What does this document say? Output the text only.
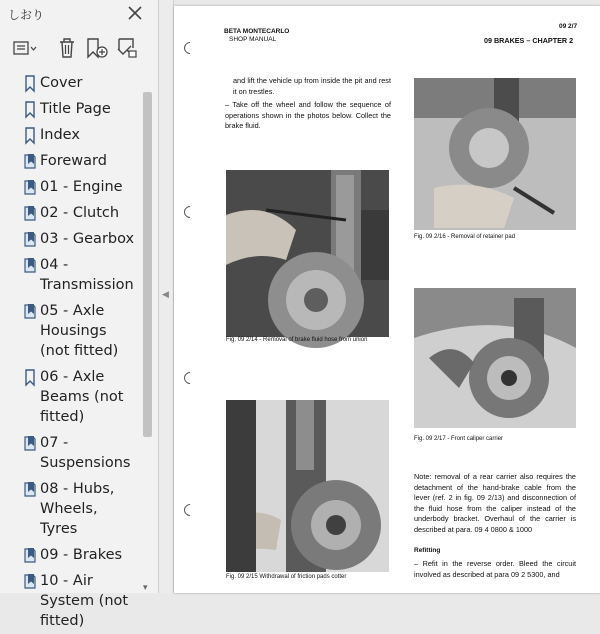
しおり
Cover
Title Page
Index
Foreward
01 - Engine
02 - Clutch
03 - Gearbox
04 - Transmission
05 - Axle Housings (not fitted)
06 - Axle Beams (not fitted)
07 - Suspensions
08 - Hubs, Wheels, Tyres
09 - Brakes
10 - Air System (not fitted)
▾
◀
BETA MONTECARLO
SHOP MANUAL
09 2/7
09 BRAKES – CHAPTER 2
and lift the vehicle up from inside the pit and rest it on trestles.
– Take off the wheel and follow the sequence of operations shown in the photos below. Collect the brake fluid.
Fig. 09 2/14 - Removal of brake fluid hose from union
Fig. 09 2/15 Withdrawal of friction pads cotter
Fig. 09 2/16 - Removal of retainer pad
Fig. 09 2/17 - Front caliper carrier
Note: removal of a rear carrier also requires the detachment of the hand-brake cable from the lever (ref. 2 in fig. 09 2/13) and disconnection of the fluid hose from the caliper instead of the underbody bracket. Overhaul of the carrier is described at para. 09 4 0800 & 1000
Refitting
– Refit in the reverse order. Bleed the circuit involved as described at para 09 2 5300, and
